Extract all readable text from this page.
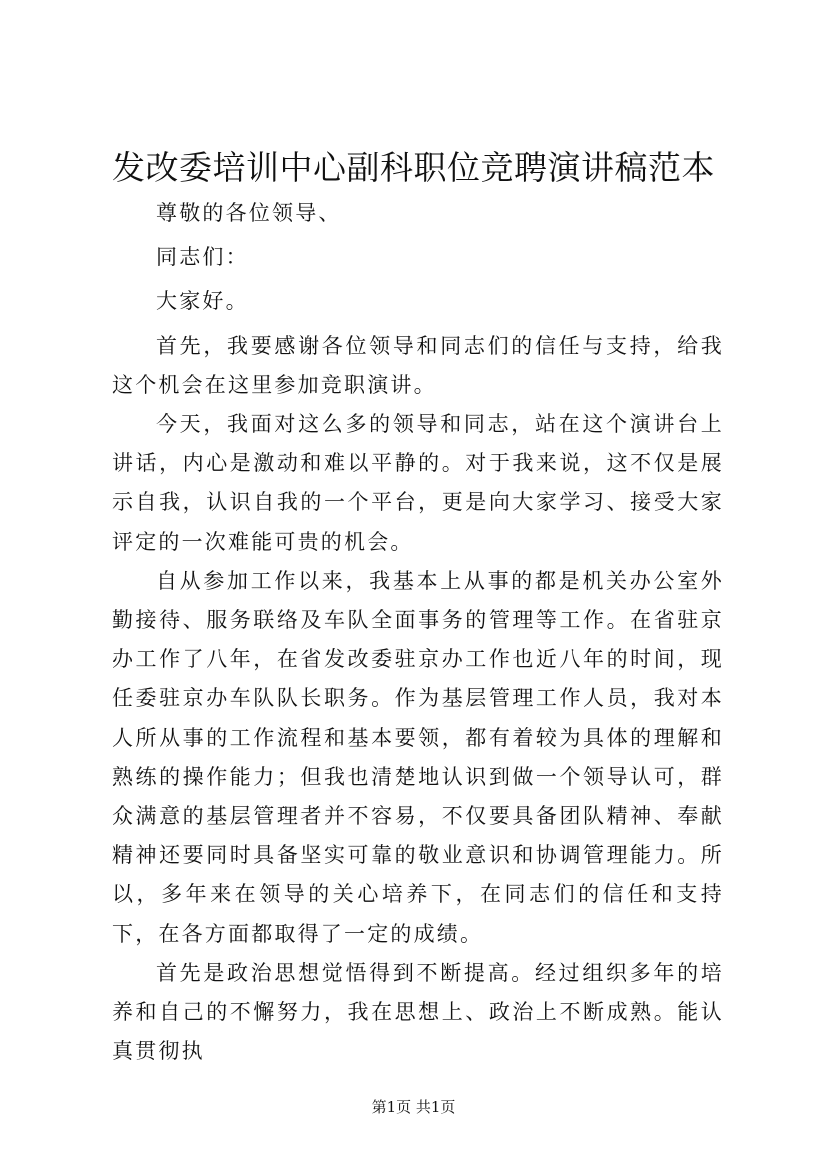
发改委培训中心副科职位竞聘演讲稿范本

尊敬的各位领导、

同志们：

大家好。

首先，我要感谢各位领导和同志们的信任与支持，给我这个机会在这里参加竞职演讲。

今天，我面对这么多的领导和同志，站在这个演讲台上讲话，内心是激动和难以平静的。对于我来说，这不仅是展示自我，认识自我的一个平台，更是向大家学习、接受大家评定的一次难能可贵的机会。

自从参加工作以来，我基本上从事的都是机关办公室外勤接待、服务联络及车队全面事务的管理等工作。在省驻京办工作了八年，在省发改委驻京办工作也近八年的时间，现任委驻京办车队队长职务。作为基层管理工作人员，我对本人所从事的工作流程和基本要领，都有着较为具体的理解和熟练的操作能力；但我也清楚地认识到做一个领导认可，群众满意的基层管理者并不容易，不仅要具备团队精神、奉献精神还要同时具备坚实可靠的敬业意识和协调管理能力。所以，多年来在领导的关心培养下，在同志们的信任和支持下，在各方面都取得了一定的成绩。

首先是政治思想觉悟得到不断提高。经过组织多年的培养和自己的不懈努力，我在思想上、政治上不断成熟。能认真贯彻执

第1页 共1页
